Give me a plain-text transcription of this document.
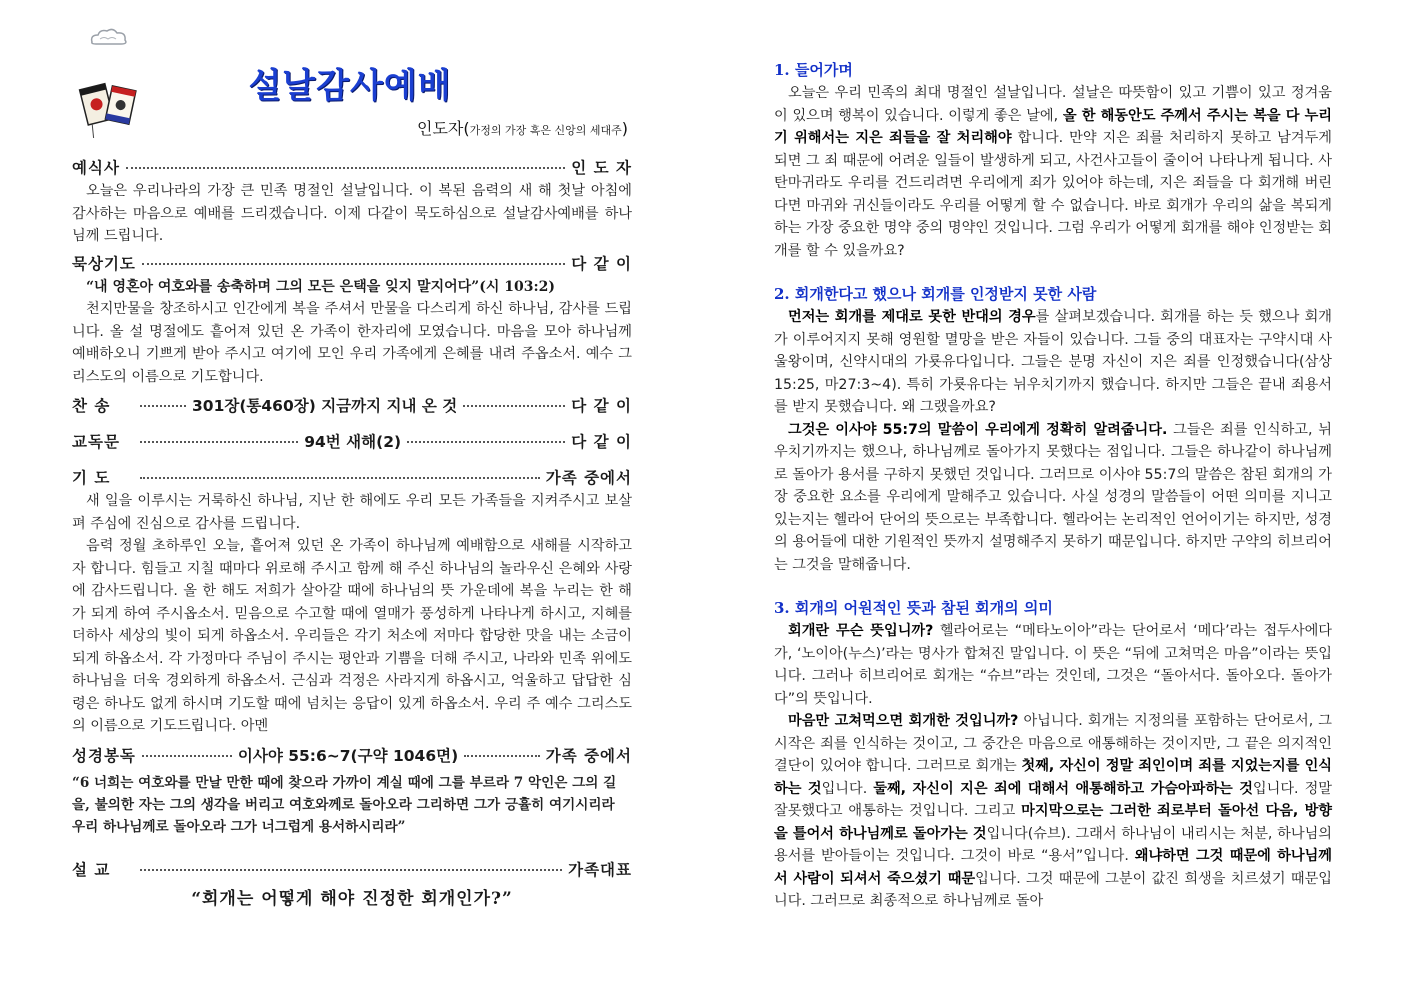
설날감사예배
인도자(가정의 가장 혹은 신앙의 세대주)
예식사	인 도 자

오늘은 우리나라의 가장 큰 민족 명절인 설날입니다. 이 복된 음력의 새 해 첫날 아침에 감사하는 마음으로 예배를 드리겠습니다. 이제 다같이 묵도하심으로 설날감사예배를 하나님께 드립니다.

묵상기도	다 같 이
“내 영혼아 여호와를 송축하며 그의 모든 은택을 잊지 말지어다”(시 103:2)

천지만물을 창조하시고 인간에게 복을 주셔서 만물을 다스리게 하신 하나님, 감사를 드립니다. 올 설 명절에도 흩어져 있던 온 가족이 한자리에 모였습니다. 마음을 모아 하나님께 예배하오니 기쁘게 받아 주시고 여기에 모인 우리 가족에게 은혜를 내려 주옵소서. 예수 그리스도의 이름으로 기도합니다.

찬 송	301장(통460장) 지금까지 지내 온 것	다 같 이
교독문	94번 새해(2)	다 같 이
기 도	가족 중에서

새 일을 이루시는 거룩하신 하나님, 지난 한 해에도 우리 모든 가족들을 지켜주시고 보살펴 주심에 진심으로 감사를 드립니다.

음력 정월 초하루인 오늘, 흩어져 있던 온 가족이 하나님께 예배함으로 새해를 시작하고자 합니다. 힘들고 지칠 때마다 위로해 주시고 함께 해 주신 하나님의 놀라우신 은혜와 사랑에 감사드립니다. 올 한 해도 저희가 살아갈 때에 하나님의 뜻 가운데에 복을 누리는 한 해가 되게 하여 주시옵소서. 믿음으로 수고할 때에 열매가 풍성하게 나타나게 하시고, 지혜를 더하사 세상의 빛이 되게 하옵소서. 우리들은 각기 처소에 저마다 합당한 맛을 내는 소금이 되게 하옵소서. 각 가정마다 주님이 주시는 평안과 기쁨을 더해 주시고, 나라와 민족 위에도 하나님을 더욱 경외하게 하옵소서. 근심과 걱정은 사라지게 하옵시고, 억울하고 답답한 심령은 하나도 없게 하시며 기도할 때에 넘치는 응답이 있게 하옵소서. 우리 주 예수 그리스도의 이름으로 기도드립니다. 아멘

성경봉독	이사야 55:6~7(구약 1046면)	가족 중에서
“6 너희는 여호와를 만날 만한 때에 찾으라 가까이 계실 때에 그를 부르라 7 악인은 그의 길을, 불의한 자는 그의 생각을 버리고 여호와께로 돌아오라 그리하면 그가 긍휼히 여기시리라 우리 하나님께로 돌아오라 그가 너그럽게 용서하시리라”
설 교	가족대표
“회개는 어떻게 해야 진정한 회개인가?”
1. 들어가며

오늘은 우리 민족의 최대 명절인 설날입니다. 설날은 따뜻함이 있고 기쁨이 있고 정겨움이 있으며 행복이 있습니다. 이렇게 좋은 날에, 올 한 해동안도 주께서 주시는 복을 다 누리기 위해서는 지은 죄들을 잘 처리해야 합니다. 만약 지은 죄를 처리하지 못하고 남겨두게 되면 그 죄 때문에 어려운 일들이 발생하게 되고, 사건사고들이 줄이어 나타나게 됩니다. 사탄마귀라도 우리를 건드리려면 우리에게 죄가 있어야 하는데, 지은 죄들을 다 회개해 버린다면 마귀와 귀신들이라도 우리를 어떻게 할 수 없습니다. 바로 회개가 우리의 삶을 복되게 하는 가장 중요한 명약 중의 명약인 것입니다. 그럼 우리가 어떻게 회개를 해야 인정받는 회개를 할 수 있을까요?

2. 회개한다고 했으나 회개를 인정받지 못한 사람

먼저는 회개를 제대로 못한 반대의 경우를 살펴보겠습니다. 회개를 하는 듯 했으나 회개가 이루어지지 못해 영원할 멸망을 받은 자들이 있습니다. 그들 중의 대표자는 구약시대 사울왕이며, 신약시대의 가룟유다입니다. 그들은 분명 자신이 지은 죄를 인정했습니다(삼상15:25, 마27:3~4). 특히 가룟유다는 뉘우치기까지 했습니다. 하지만 그들은 끝내 죄용서를 받지 못했습니다. 왜 그랬을까요?

그것은 이사야 55:7의 말씀이 우리에게 정확히 알려줍니다. 그들은 죄를 인식하고, 뉘우치기까지는 했으나, 하나님께로 돌아가지 못했다는 점입니다. 그들은 하나같이 하나님께로 돌아가 용서를 구하지 못했던 것입니다. 그러므로 이사야 55:7의 말씀은 참된 회개의 가장 중요한 요소를 우리에게 말해주고 있습니다. 사실 성경의 말씀들이 어떤 의미를 지니고 있는지는 헬라어 단어의 뜻으로는 부족합니다. 헬라어는 논리적인 언어이기는 하지만, 성경의 용어들에 대한 기원적인 뜻까지 설명해주지 못하기 때문입니다. 하지만 구약의 히브리어는 그것을 말해줍니다.

3. 회개의 어원적인 뜻과 참된 회개의 의미

회개란 무슨 뜻입니까? 헬라어로는 “메타노이아”라는 단어로서 ‘메다’라는 접두사에다가, ‘노이아(누스)’라는 명사가 합쳐진 말입니다. 이 뜻은 “뒤에 고쳐먹은 마음”이라는 뜻입니다. 그러나 히브리어로 회개는 “슈브”라는 것인데, 그것은 “돌아서다. 돌아오다. 돌아가다”의 뜻입니다.

마음만 고쳐먹으면 회개한 것입니까? 아닙니다. 회개는 지정의를 포함하는 단어로서, 그 시작은 죄를 인식하는 것이고, 그 중간은 마음으로 애통해하는 것이지만, 그 끝은 의지적인 결단이 있어야 합니다. 그러므로 회개는 첫째, 자신이 정말 죄인이며 죄를 지었는지를 인식하는 것입니다. 둘째, 자신이 지은 죄에 대해서 애통해하고 가슴아파하는 것입니다. 정말 잘못했다고 애통하는 것입니다. 그리고 마지막으로는 그러한 죄로부터 돌아선 다음, 방향을 틀어서 하나님께로 돌아가는 것입니다(슈브). 그래서 하나님이 내리시는 처분, 하나님의 용서를 받아들이는 것입니다. 그것이 바로 “용서”입니다. 왜냐하면 그것 때문에 하나님께서 사람이 되셔서 죽으셨기 때문입니다. 그것 때문에 그분이 값진 희생을 치르셨기 때문입니다. 그러므로 최종적으로 하나님께로 돌아
